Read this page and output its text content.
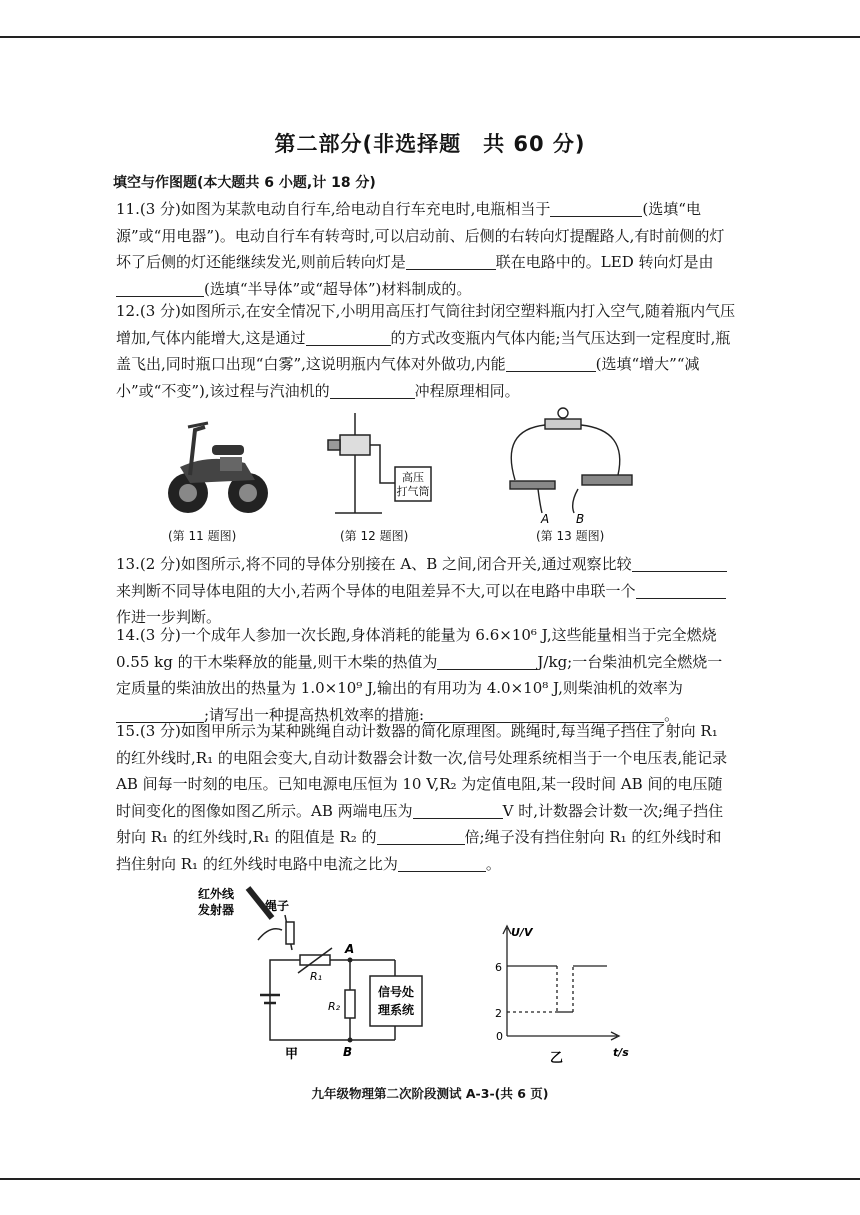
第二部分(非选择题　共 60 分)
填空与作图题(本大题共 6 小题,计 18 分)
11.(3 分)如图为某款电动自行车,给电动自行车充电时,电瓶相当于	(选填“电源”或“用电器”)。电动自行车有转弯时,可以启动前、后侧的右转向灯提醒路人,有时前侧的灯坏了后侧的灯还能继续发光,则前后转向灯是	联在电路中的。LED 转向灯是由(选填“半导体”或“超导体”)材料制成的。
12.(3 分)如图所示,在安全情况下,小明用高压打气筒往封闭空塑料瓶内打入空气,随着瓶内气压增加,气体内能增大,这是通过	的方式改变瓶内气体内能;当气压达到一定程度时,瓶盖飞出,同时瓶口出现“白雾”,这说明瓶内气体对外做功,内能	(选填“增大”“减小”或“不变”),该过程与汽油机的	冲程原理相同。
高压
打气筒
A B
(第 11 题图)	(第 12 题图)	(第 13 题图)
13.(2 分)如图所示,将不同的导体分别接在 A、B 之间,闭合开关,通过观察比较来判断不同导体电阻的大小,若两个导体的电阻差异不大,可以在电路中串联一个作进一步判断。
14.(3 分)一个成年人参加一次长跑,身体消耗的能量为 6.6×10⁶ J,这些能量相当于完全燃烧 0.55 kg 的干木柴释放的能量,则干木柴的热值为	J/kg;一台柴油机完全燃烧一定质量的柴油放出的热量为 1.0×10⁹ J,输出的有用功为 4.0×10⁸ J,则柴油机的效率为;请写出一种提高热机效率的措施:	。
15.(3 分)如图甲所示为某种跳绳自动计数器的简化原理图。跳绳时,每当绳子挡住了射向 R₁ 的红外线时,R₁ 的电阻会变大,自动计数器会计数一次,信号处理系统相当于一个电压表,能记录 AB 间每一时刻的电压。已知电源电压恒为 10 V,R₂ 为定值电阻,某一段时间 AB 间的电压随时间变化的图像如图乙所示。AB 两端电压为	V 时,计数器会计数一次;绳子挡住射向 R₁ 的红外线时,R₁ 的阻值是 R₂ 的	倍;绳子没有挡住射向 R₁ 的红外线时和挡住射向 R₁ 的红外线时电路中电流之比为	。
红外线
发射器	绳子
A
B
R₁
R₂
信号处
理系统
甲
U/V
t/s
0
6
2
乙
九年级物理第二次阶段测试 A-3-(共 6 页)
